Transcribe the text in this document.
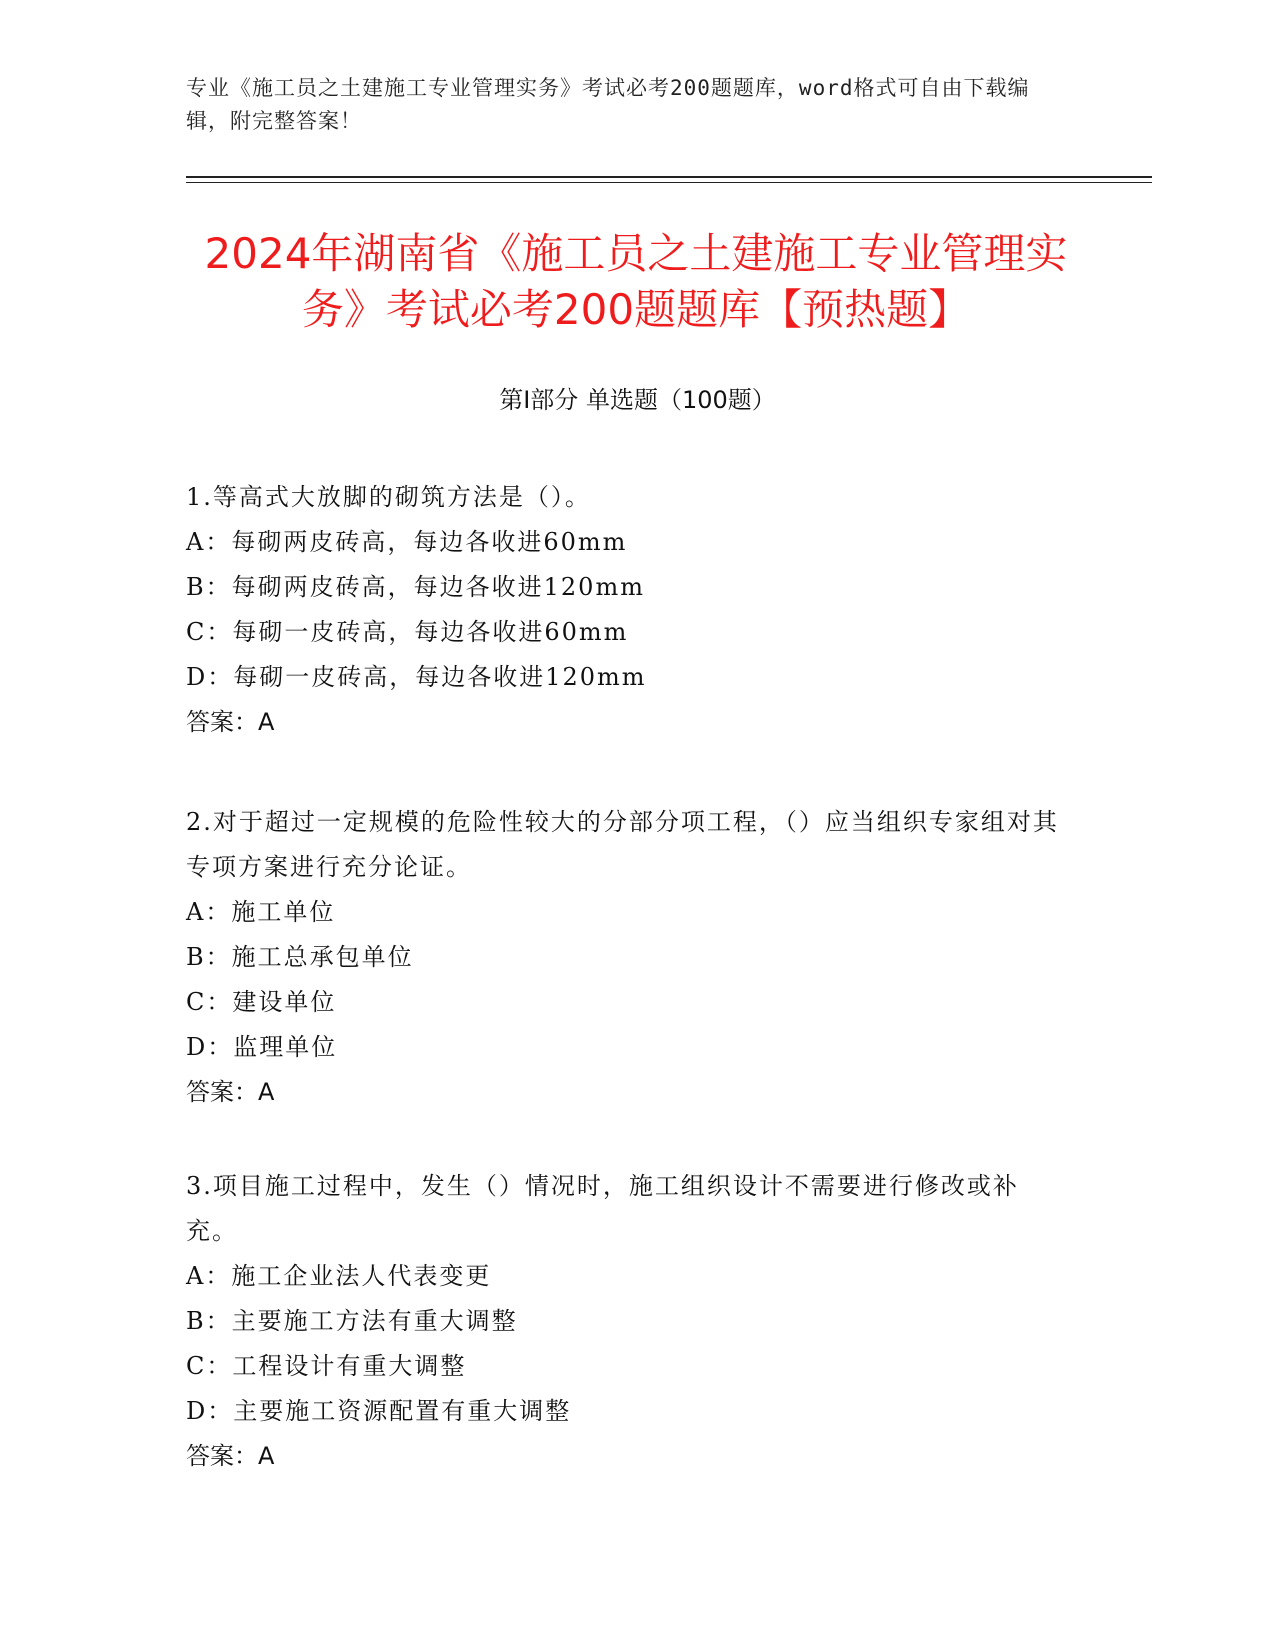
专业《施工员之土建施工专业管理实务》考试必考200题题库，word格式可自由下载编辑，附完整答案！

2024年湖南省《施工员之土建施工专业管理实务》考试必考200题题库【预热题】

第Ⅰ部分 单选题（100题）

1.等高式大放脚的砌筑方法是（）。

A：每砌两皮砖高，每边各收进60mm

B：每砌两皮砖高，每边各收进120mm

C：每砌一皮砖高，每边各收进60mm

D：每砌一皮砖高，每边各收进120mm

答案：A

2.对于超过一定规模的危险性较大的分部分项工程，（）应当组织专家组对其专项方案进行充分论证。

A：施工单位

B：施工总承包单位

C：建设单位

D：监理单位

答案：A

3.项目施工过程中，发生（）情况时，施工组织设计不需要进行修改或补充。

A：施工企业法人代表变更

B：主要施工方法有重大调整

C：工程设计有重大调整

D：主要施工资源配置有重大调整

答案：A
